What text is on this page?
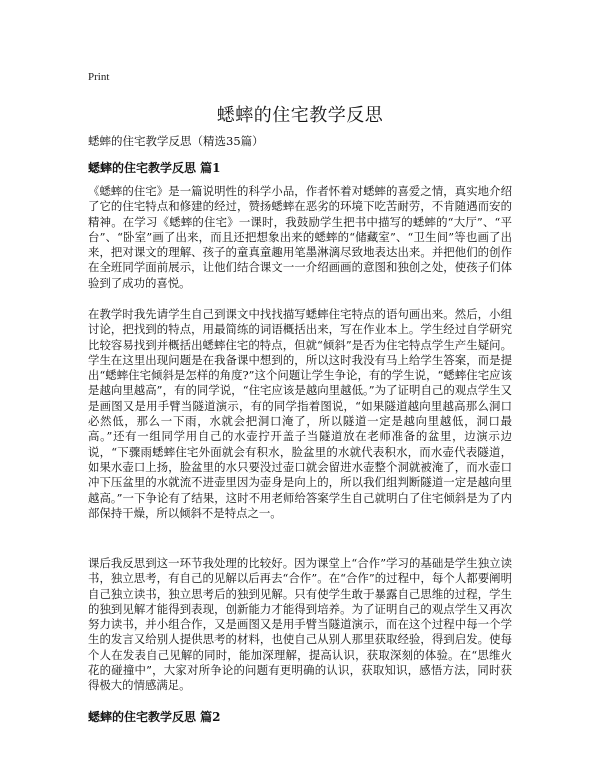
Print
蟋蟀的住宅教学反思
蟋蟀的住宅教学反思（精选35篇）
蟋蟀的住宅教学反思 篇1

《蟋蟀的住宅》是一篇说明性的科学小品，作者怀着对蟋蟀的喜爱之情，真实地介绍了它的住宅特点和修建的经过，赞扬蟋蟀在恶劣的环境下吃苦耐劳，不肯随遇而安的精神。在学习《蟋蟀的住宅》一课时，我鼓励学生把书中描写的蟋蟀的“大厅”、“平台”、“卧室”画了出来，而且还把想象出来的蟋蟀的“储藏室”、“卫生间”等也画了出来，把对课文的理解、孩子的童真童趣用笔墨淋漓尽致地表达出来。并把他们的创作在全班同学面前展示，让他们结合课文一一介绍画画的意图和独创之处，使孩子们体验到了成功的喜悦。

在教学时我先请学生自己到课文中找找描写蟋蟀住宅特点的语句画出来。然后，小组讨论，把找到的特点，用最简练的词语概括出来，写在作业本上。学生经过自学研究比较容易找到并概括出蟋蟀住宅的特点，但就“倾斜”是否为住宅特点学生产生疑问。学生在这里出现问题是在我备课中想到的，所以这时我没有马上给学生答案，而是提出“蟋蟀住宅倾斜是怎样的角度?”这个问题让学生争论，有的学生说，“蟋蟀住宅应该是越向里越高”，有的同学说，“住宅应该是越向里越低。”为了证明自己的观点学生又是画图又是用手臂当隧道演示，有的同学指着图说，“如果隧道越向里越高那么洞口必然低，那么一下雨，水就会把洞口淹了，所以隧道一定是越向里越低，洞口最高。”还有一组同学用自己的水壶拧开盖子当隧道放在老师准备的盆里，边演示边说，“下骤雨蟋蟀住宅外面就会有积水，脸盆里的水就代表积水，而水壶代表隧道，如果水壶口上扬，脸盆里的水只要没过壶口就会留进水壶整个洞就被淹了，而水壶口冲下压盆里的水就流不进壶里因为壶身是向上的，所以我们组判断隧道一定是越向里越高。”一下争论有了结果，这时不用老师给答案学生自己就明白了住宅倾斜是为了内部保持干燥，所以倾斜不是特点之一。

课后我反思到这一环节我处理的比较好。因为课堂上“合作”学习的基础是学生独立读书，独立思考，有自己的见解以后再去“合作”。在“合作”的过程中，每个人都要阐明自己独立读书，独立思考后的独到见解。只有使学生敢于暴露自己思维的过程，学生的独到见解才能得到表现，创新能力才能得到培养。为了证明自己的观点学生又再次努力读书，并小组合作，又是画图又是用手臂当隧道演示，而在这个过程中每一个学生的发言又给别人提供思考的材料，也使自己从别人那里获取经验，得到启发。使每个人在发表自己见解的同时，能加深理解，提高认识，获取深刻的体验。在“思维火花的碰撞中”，大家对所争论的问题有更明确的认识，获取知识，感悟方法，同时获得极大的情感满足。

蟋蟀的住宅教学反思 篇2
